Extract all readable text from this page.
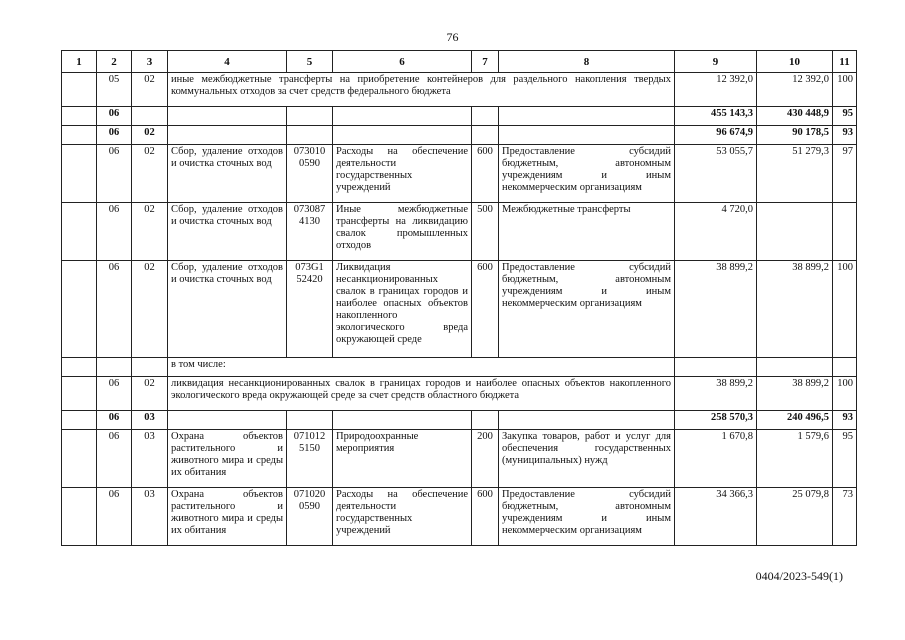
76
1	2	3	4	5	6	7	8	9	10	11
	05	02	иные межбюджетные трансферты на приобретение контейнеров для раздельного накопления твердых коммунальных отходов за счет средств федерального бюджета					12 392,0	12 392,0	100
	06							455 143,3	430 448,9	95
	06	02						96 674,9	90 178,5	93
	06	02	Сбор, удаление отходов и очистка сточных вод	073010
0590	Расходы на обеспечение деятельности государственных учреждений	600	Предоставление субсидий бюджетным, автономным учреждениям и иным некоммерческим организациям	53 055,7	51 279,3	97
	06	02	Сбор, удаление отходов и очистка сточных вод	073087
4130	Иные межбюджетные трансферты на ликвидацию свалок промышленных отходов	500	Межбюджетные трансферты	4 720,0		
	06	02	Сбор, удаление отходов и очистка сточных вод	073G1
52420	Ликвидация несанкционированных свалок в границах городов и наиболее опасных объектов накопленного экологического вреда окружающей среде	600	Предоставление субсидий бюджетным, автономным учреждениям и иным некоммерческим организациям	38 899,2	38 899,2	100
			в том числе:							
	06	02	ликвидация несанкционированных свалок в границах городов и наиболее опасных объектов накопленного экологического вреда окружающей среде за счет средств областного бюджета					38 899,2	38 899,2	100
	06	03						258 570,3	240 496,5	93
	06	03	Охрана объектов растительного и животного мира и среды их обитания	071012
5150	Природоохранные мероприятия	200	Закупка товаров, работ и услуг для обеспечения государственных (муниципальных) нужд	1 670,8	1 579,6	95
	06	03	Охрана объектов растительного и животного мира и среды их обитания	071020
0590	Расходы на обеспечение деятельности государственных учреждений	600	Предоставление субсидий бюджетным, автономным учреждениям и иным некоммерческим организациям	34 366,3	25 079,8	73
0404/2023-549(1)
